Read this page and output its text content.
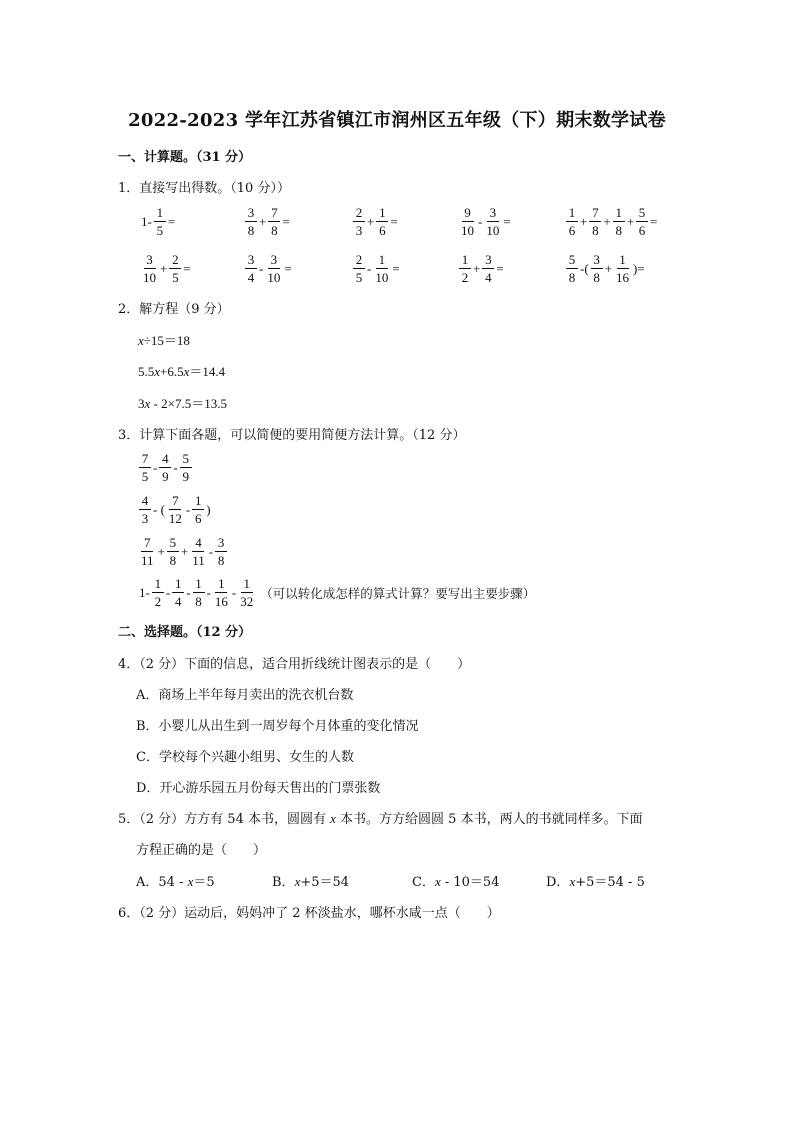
2022-2023 学年江苏省镇江市润州区五年级（下）期末数学试卷
一、计算题。（31 分）
1．直接写出得数。（10 分））
$1- \frac{1}{5}$ =	$\frac{3}{8} + \frac{7}{8}$ =	$\frac{2}{3} + \frac{1}{6}$ =	$\frac{9}{10} - \frac{3}{10}$ =	$\frac{1}{6} + \frac{7}{8} + \frac{1}{8} + \frac{5}{6}$ =
$\frac{3}{10} + \frac{2}{5}$ =	$\frac{3}{4} - \frac{3}{10}$ =	$\frac{2}{5} - \frac{1}{10}$ =	$\frac{1}{2} + \frac{3}{4}$ =	$\frac{5}{8}$ -( $\frac{3}{8} + \frac{1}{16}$ )=
2．解方程（9 分）
x÷15＝18
5.5x+6.5x＝14.4
3x - 2×7.5＝13.5
3．计算下面各题，可以简便的要用简便方法计算。（12 分）
$\frac{7}{5} - \frac{4}{9} - \frac{5}{9}$
$\frac{4}{3}$ - ( $\frac{7}{12} - \frac{1}{6}$ )
$\frac{7}{11} + \frac{5}{8} + \frac{4}{11} - \frac{3}{8}$
$1- \frac{1}{2} - \frac{1}{4} - \frac{1}{8} - \frac{1}{16} - \frac{1}{32}$ （可以转化成怎样的算式计算？要写出主要步骤）
二、选择题。（12 分）
4．（2 分）下面的信息，适合用折线统计图表示的是（　　）
A．商场上半年每月卖出的洗衣机台数
B．小婴儿从出生到一周岁每个月体重的变化情况
C．学校每个兴趣小组男、女生的人数
D．开心游乐园五月份每天售出的门票张数
5．（2 分）方方有 54 本书，圆圆有 x 本书。方方给圆圆 5 本书，两人的书就同样多。下面
方程正确的是（　　）
A．54 - x＝5	B．x+5＝54	C．x - 10＝54	D．x+5＝54 - 5
6．（2 分）运动后，妈妈冲了 2 杯淡盐水，哪杯水咸一点（　　）
